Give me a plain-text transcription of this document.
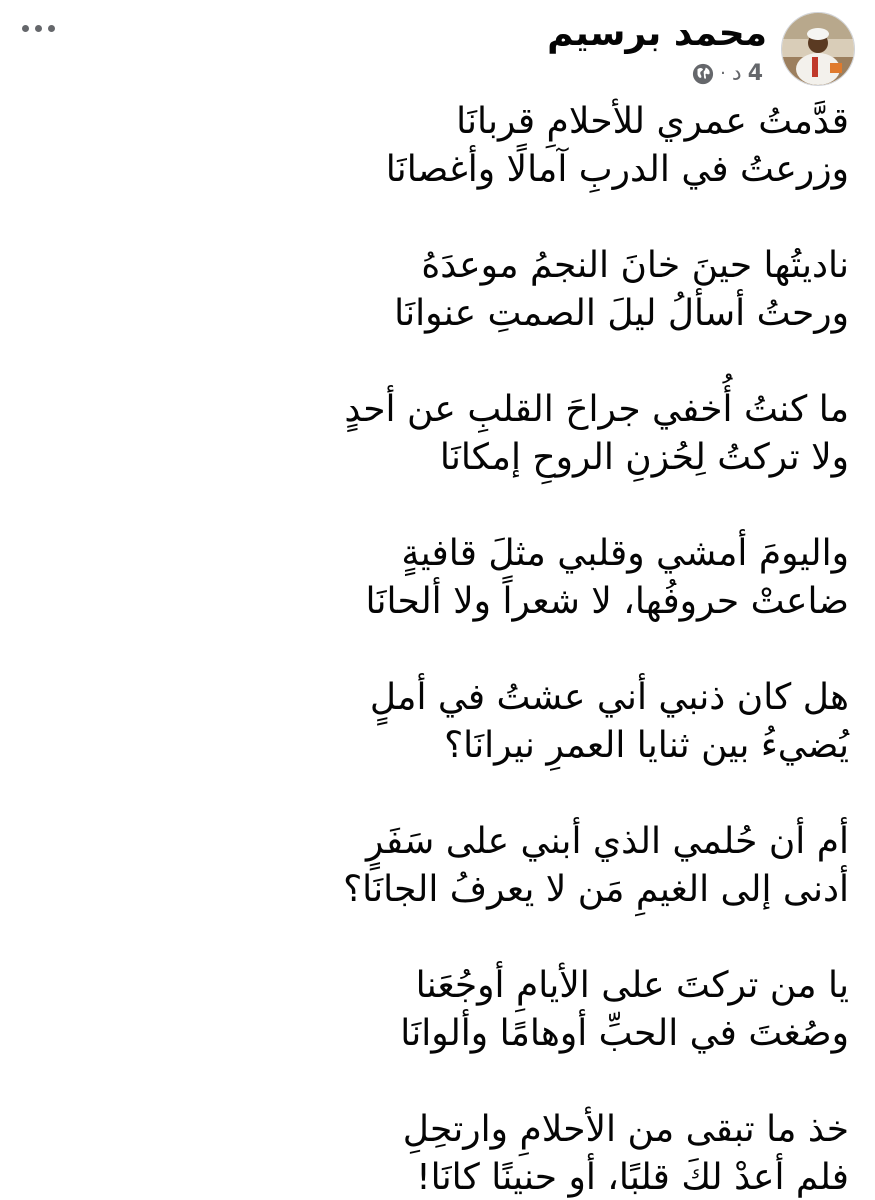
محمد برسيم
4
د
·
قدَّمتُ عمري للأحلامِ قربانَا
وزرعتُ في الدربِ آمالًا وأغصانَا
ناديتُها حينَ خانَ النجمُ موعدَهُ
ورحتُ أسألُ ليلَ الصمتِ عنوانَا
ما كنتُ أُخفي جراحَ القلبِ عن أحدٍ
ولا تركتُ لِحُزنِ الروحِ إمكانَا
واليومَ أمشي وقلبي مثلَ قافيةٍ
ضاعتْ حروفُها، لا شعراً ولا ألحانَا
هل كان ذنبي أني عشتُ في أملٍ
يُضيءُ بين ثنايا العمرِ نيرانَا؟
أم أن حُلمي الذي أبني على سَفَرٍ
أدنى إلى الغيمِ مَن لا يعرفُ الجانَا؟
يا من تركتَ على الأيامِ أوجُعَنا
وصُغتَ في الحبِّ أوهامًا وألوانَا
خذ ما تبقى من الأحلامِ وارتحِلِ
فلم أعدْ لكَ قلبًا، أو حنينًا كانَا!
